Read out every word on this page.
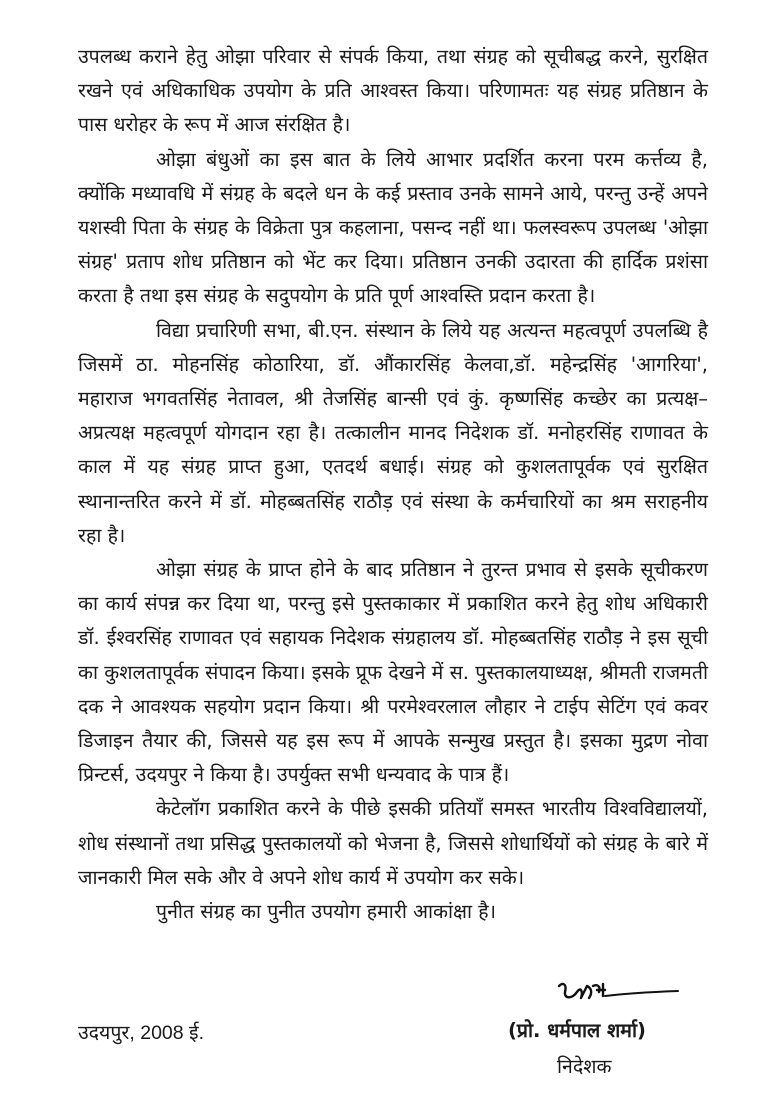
उपलब्ध कराने हेतु ओझा परिवार से संपर्क किया, तथा संग्रह को सूचीबद्ध करने, सुरक्षित रखने एवं अधिकाधिक उपयोग के प्रति आश्वस्त किया। परिणामतः यह संग्रह प्रतिष्ठान के पास धरोहर के रूप में आज संरक्षित है।

ओझा बंधुओं का इस बात के लिये आभार प्रदर्शित करना परम कर्त्तव्य है, क्योंकि मध्यावधि में संग्रह के बदले धन के कई प्रस्ताव उनके सामने आये, परन्तु उन्हें अपने यशस्वी पिता के संग्रह के विक्रेता पुत्र कहलाना, पसन्द नहीं था। फलस्वरूप उपलब्ध 'ओझा संग्रह' प्रताप शोध प्रतिष्ठान को भेंट कर दिया। प्रतिष्ठान उनकी उदारता की हार्दिक प्रशंसा करता है तथा इस संग्रह के सदुपयोग के प्रति पूर्ण आश्वस्ति प्रदान करता है।

विद्या प्रचारिणी सभा, बी.एन. संस्थान के लिये यह अत्यन्त महत्वपूर्ण उपलब्धि है जिसमें ठा. मोहनसिंह कोठारिया, डॉ. औंकारसिंह केलवा,डॉ. महेन्द्रसिंह 'आगरिया', महाराज भगवतसिंह नेतावल, श्री तेजसिंह बान्सी एवं कुं. कृष्णसिंह कच्छेर का प्रत्यक्ष–अप्रत्यक्ष महत्वपूर्ण योगदान रहा है। तत्कालीन मानद निदेशक डॉ. मनोहरसिंह राणावत के काल में यह संग्रह प्राप्त हुआ, एतदर्थ बधाई। संग्रह को कुशलतापूर्वक एवं सुरक्षित स्थानान्तरित करने में डॉ. मोहब्बतसिंह राठौड़ एवं संस्था के कर्मचारियों का श्रम सराहनीय रहा है।

ओझा संग्रह के प्राप्त होने के बाद प्रतिष्ठान ने तुरन्त प्रभाव से इसके सूचीकरण का कार्य संपन्न कर दिया था, परन्तु इसे पुस्तकाकार में प्रकाशित करने हेतु शोध अधिकारी डॉ. ईश्वरसिंह राणावत एवं सहायक निदेशक संग्रहालय डॉ. मोहब्बतसिंह राठौड़ ने इस सूची का कुशलतापूर्वक संपादन किया। इसके प्रूफ देखने में स. पुस्तकालयाध्यक्ष, श्रीमती राजमती दक ने आवश्यक सहयोग प्रदान किया। श्री परमेश्वरलाल लौहार ने टाईप सेटिंग एवं कवर डिजाइन तैयार की, जिससे यह इस रूप में आपके सन्मुख प्रस्तुत है। इसका मुद्रण नोवा प्रिन्टर्स, उदयपुर ने किया है। उपर्युक्त सभी धन्यवाद के पात्र हैं।

केटेलॉग प्रकाशित करने के पीछे इसकी प्रतियाँ समस्त भारतीय विश्वविद्यालयों, शोध संस्थानों तथा प्रसिद्ध पुस्तकालयों को भेजना है, जिससे शोधार्थियों को संग्रह के बारे में जानकारी मिल सके और वे अपने शोध कार्य में उपयोग कर सके।

पुनीत संग्रह का पुनीत उपयोग हमारी आकांक्षा है।

उदयपुर, 2008 ई.	(प्रो. धर्मपाल शर्मा)
निदेशक
